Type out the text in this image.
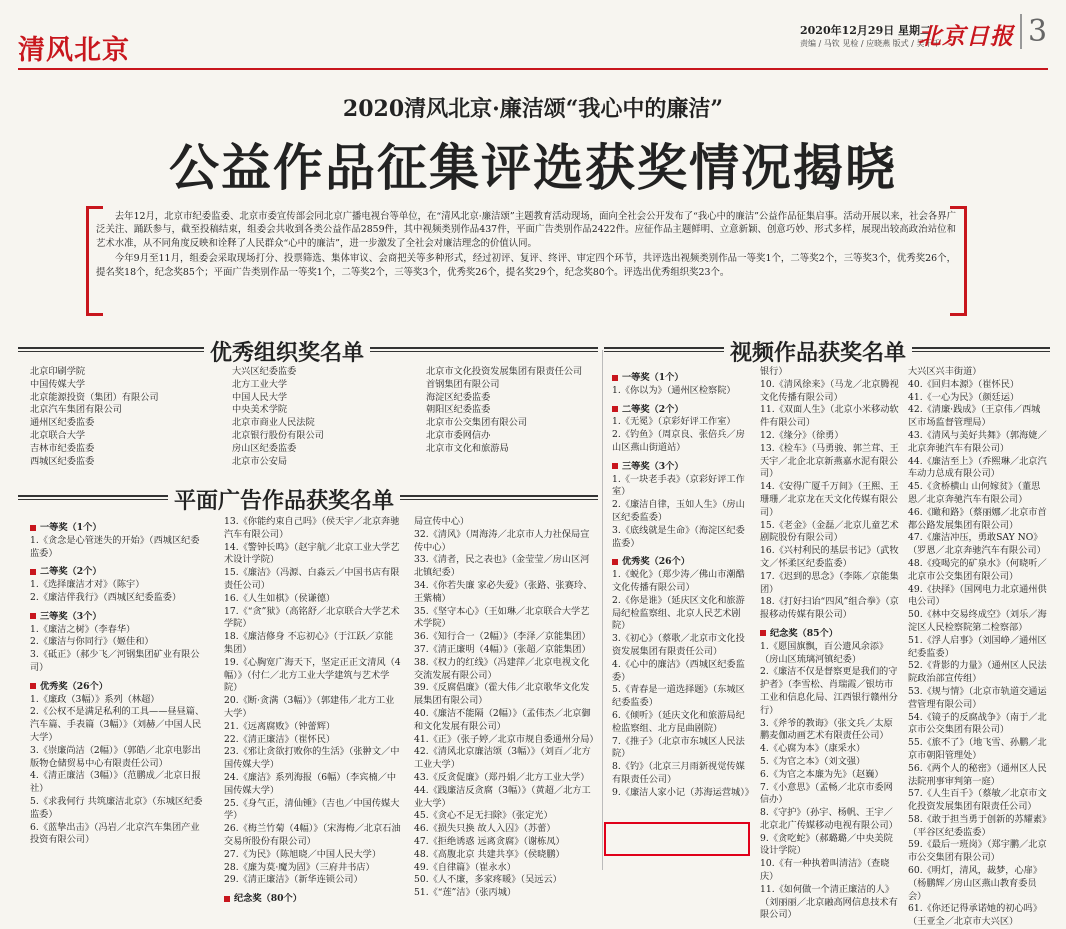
清风北京
2020年12月29日 星期二
责编 / 马钦 见检 / 应晓燕 版式 / 吴千千
北京日报 3
2020清风北京·廉洁颂“我心中的廉洁”
公益作品征集评选获奖情况揭晓

去年12月，北京市纪委监委、北京市委宣传部会同北京广播电视台等单位，在“清风北京·廉洁颂”主题教育活动现场，面向全社会公开发布了“我心中的廉洁”公益作品征集启事。活动开展以来，社会各界广泛关注、踊跃参与，截至投稿结束，组委会共收到各类公益作品2859件，其中视频类别作品437件，平面广告类别作品2422件。应征作品主题鲜明、立意新颖、创意巧妙、形式多样，展现出较高政治站位和艺术水准，从不同角度反映和诠释了人民群众“心中的廉洁”，进一步激发了全社会对廉洁理念的价值认同。

今年9月至11月，组委会采取现场打分、投票筛选、集体审议、会商把关等多种形式，经过初评、复评、终评、审定四个环节，共评选出视频类别作品一等奖1个，二等奖2个，三等奖3个，优秀奖26个，提名奖18个，纪念奖85个；平面广告类别作品一等奖1个，二等奖2个，三等奖3个，优秀奖26个，提名奖29个，纪念奖80个。评选出优秀组织奖23个。

优秀组织奖名单
平面广告作品获奖名单
视频作品获奖名单
北京印刷学院
中国传媒大学
北京能源投资（集团）有限公司
北京汽车集团有限公司
通州区纪委监委
北京联合大学
吉林市纪委监委
西城区纪委监委
大兴区纪委监委
北方工业大学
中国人民大学
中央美术学院
北京市商业人民法院
北京银行股份有限公司
房山区纪委监委
北京市公安局
北京市文化投资发展集团有限责任公司
首钢集团有限公司
海淀区纪委监委
朝阳区纪委监委
北京市公交集团有限公司
北京市委网信办
北京市文化和旅游局
一等奖（1个）
1.《贪念是心管迷失的开始》（西城区纪委监委）
二等奖（2个）
1.《选择廉洁才对》（陈宇）
2.《廉洁伴我行》（西城区纪委监委）
三等奖（3个）
1.《廉洁之树》（李春华）
2.《廉洁与你同行》（姬佳和）
3.《砥正》（郝少飞／河钢集团矿业有限公司）
优秀奖（26个）
1.《廉政（3幅）》系列（林超）
2.《公权不是满足私利的工具——昼昼篇、汽车篇、手表篇（3幅）》（刘赫／中国人民大学）
3.《崇廉尚洁（2幅）》（郭皓／北京电影出版物仓储贸易中心有限责任公司）
4.《清正廉洁（3幅）》（范鹏成／北京日报社）
5.《求我何行 共筑廉洁北京》（东城区纪委监委）
6.《蓝挚出击》（冯岩／北京汽车集团产业投资有限公司）
13.《你能约束自己吗》（侯天宇／北京奔驰汽车有限公司）
14.《警钟长鸣》（赵宇航／北京工业大学艺术设计学院）
15.《廉洁》（冯源、白淼云／中国书店有限责任公司）
16.《人生如棋》（侯谦德）
17.《“贪”狱》（高铭舒／北京联合大学艺术学院）
18.《廉洁修身 不忘初心》（于江跃／京能集团）
19.《心胸宽广海天下，坚定正正文清风（4幅）》（付仁／北方工业大学建筑与艺术学院）
20.《断·贪满（3幅）》（郭建伟／北方工业大学）
21.《远离腐败》（钟蕾辉）
22.《清正廉洁》（崔怀民）
23.《邪让贪欲打败你的生活》（张翀文／中国传媒大学）
24.《廉洁》系列海报（6幅）（李宾楠／中国传媒大学）
25.《身气正，清仙锺》（吉也／中国传媒大学）
26.《梅兰竹菊（4幅）》（宋海梅／北京石油交易所股份有限公司）
27.《为民》（陈旭晓／中国人民大学）
28.《廉为莫·魔为固》（三府井书店）
29.《清正廉洁》（新华连锁公司）
纪念奖（80个）
局宣传中心）
32.《清风》（周海涛／北京市人力社保局宣传中心）
33.《清者，民之表也》（金莹莹／房山区河北镇纪委）
34.《你若失廉 家必失爱》（张路、张赛玲、王紫楠）
35.《坚守本心》（王如琳／北京联合大学艺术学院）
36.《知行合一（2幅）》（李泽／京能集团）
37.《清正廉明（4幅）》（张超／京能集团）
38.《权力的红线》（冯建萍／北京电视文化交流发展有限公司）
39.《反腐倡廉》（霍大伟／北京歌华文化发展集团有限公司）
40.《廉洁不能隔（2幅）》（孟伟杰／北京御和文化发展有限公司）
41.《正》（张子婷／北京市规自委通州分局）
42.《清风北京廉洁颂（3幅）》（刘百／北方工业大学）
43.《反贪促廉》（郑丹娟／北方工业大学）
44.《践廉洁反贪腐（3幅）》（黄超／北方工业大学）
45.《贪心不足无扫除》（张定光）
46.《损失只换 故人入囚》（苏蕾）
47.《拒绝诱惑 远离贪腐》（谢栋凤）
48.《高腹北京 共建共享》（侯晓鹏）
49.《自律篇》（崔永水）
50.《人不廉，多家疼暖》（吴远云）
51.《“莲”洁》（张丙城）
一等奖（1个）
1.《你以为》（通州区检察院）
二等奖（2个）
1.《无冕》（京彩好评工作室）
2.《钓鱼》（周京良、张倍兵／房山区燕山街道站）
三等奖（3个）
1.《一块老手表》（京彩好评工作室）
2.《廉洁自律，玉如人生》（房山区纪委监委）
3.《底线就是生命》（海淀区纪委监委）
优秀奖（26个）
1.《蜕化》（郑少涛／佛山市潮酷文化传播有限公司）
2.《你是谁》（延庆区文化和旅游局纪检监察组、北京人民艺术剧院）
3.《初心》（蔡歌／北京市文化投资发展集团有限责任公司）
4.《心中的廉洁》（西城区纪委监委）
5.《青春是一道选择题》（东城区纪委监委）
6.《倾听》（延庆文化和旅游局纪检监察组、北方昆曲剧院）
7.《推子》（北京市东城区人民法院）
8.《钓》（北京三月雨新视觉传媒有限责任公司）
9.《廉洁人家小记（苏海运营城）》
银行）
10.《清风徐来》（马龙／北京腾视文化传播有限公司）
11.《双面人生》（北京小米移动软件有限公司）
12.《缘分》（徐勇）
13.《检车》（马勇骏、郭兰茸、王天宇／北企北京新燕嘉水泥有限公司）
14.《安得广厦千万间》（王熙、王珊珊／北京龙在天文化传媒有限公司）
15.《老金》（金磊／北京儿童艺术剧院股份有限公司）
16.《兴村利民的基层书记》（武牧文／怀柔区纪委监委）
17.《迟到的思念》（李陈／京能集团）
18.《打好扫诒“四风”组合拳》（京报移动传媒有限公司）
纪念奖（85个）
1.《愿国旗飘，百公遗风余添》（房山区琉璃河镇纪委）
2.《廉洁不仅是督察更是我们的守护者》（李雪松、肖瑞霞／银坊市工业和信息化局、江西银行赣州分行）
3.《斧爷的教诲》（张文兵／太原鹏麦伽动画艺术有限责任公司）
4.《心腐为本》（康采水）
5.《为官之本》（刘文强）
6.《为官之本廉为先》（赵巍）
7.《小意思》（孟畅／北京市委网信办）
8.《守护》（孙宇、杨帆、王宇／北京北广传媒移动电视有限公司）
9.《贪吃蛇》（郝璐璐／中央美院设计学院）
10.《有一种执着叫清洁》（查晓庆）
11.《如何做一个清正廉洁的人》（刘丽丽／北京融高网信息技术有限公司）
大兴区兴丰街道）
40.《回归本源》（崔怀民）
41.《一心为民》（颜廷运）
42.《清廉·践成》（王京伟／西城区市场监督管理局）
43.《清风与美好共舞》（郭海婕／北京奔驰汽车有限公司）
44.《廉洁至上》（乔熙琳／北京汽车动力总成有限公司）
45.《贪桥横山 山何嫁贫》（董思恩／北京奔驰汽车有限公司）
46.《瞰和路》（蔡丽娜／北京市首都公路发展集团有限公司）
47.《廉洁冲压，勇敢SAY NO》（罗恩／北京奔驰汽车有限公司）
48.《疫喝完的矿泉水》（何晓听／北京市公交集团有限公司）
49.《抉择》（国网电力北京通州供电公司）
50.《林中交易终成空》（刘乐／海淀区人民检察院第二检察部）
51.《浮人启事》（刘国峥／通州区纪委监委）
52.《背影的力量》（通州区人民法院政治部宣传组）
53.《规与情》（北京市轨道交通运营管理有限公司）
54.《镜子的反腐战争》（南于／北京市公交集团有限公司）
55.《旅不了》（地飞雪、孙鹏／北京市朝阳管理处）
56.《两个人的秘密》（通州区人民法院刑事审判第一庭）
57.《人生百千》（蔡敏／北京市文化投资发展集团有限责任公司）
58.《敢于担当勇于创新的苏耀素》（平谷区纪委监委）
59.《最后一班岗》（郑宇鹏／北京市公交集团有限公司）
60.《明灯，清风，裁梦，心扉》（杨鹏辉／房山区燕山教育委员会）
61.《你还记得承诺她的初心吗》（王亚全／北京市大兴区）
